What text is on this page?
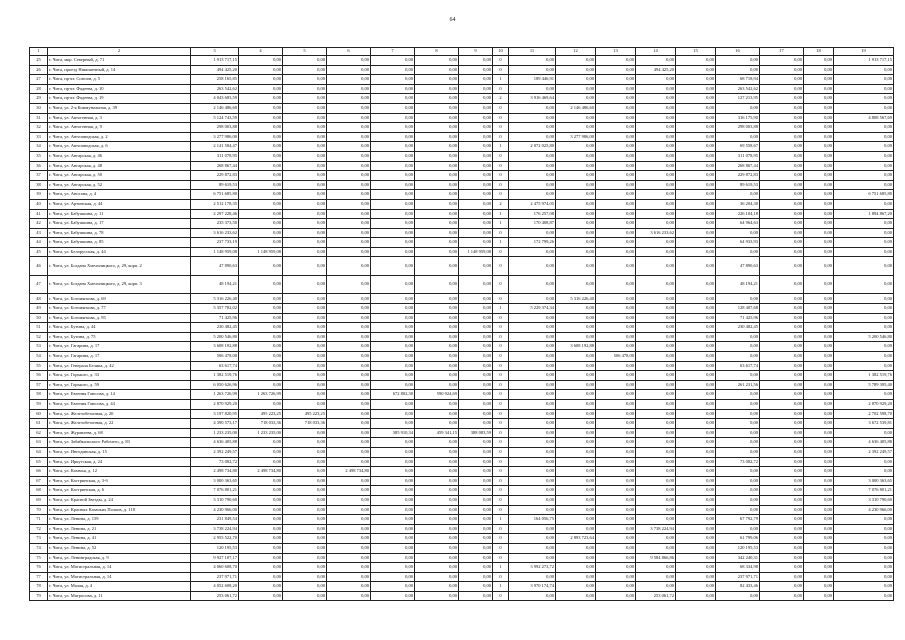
64
1	2	3	4	5	6	7	8	9	10	11	12	13	14	15	16	17	18	19
25	г. Чита, мкр. Северный, д. 71	1 913 717,15	0,00	0,00	0,00	0,00	0,00	0,00	0	0,00	0,00	0,00	0,00	0,00	0,00	0,00	0,00	1 913 717,15
26	г. Чита, проезд Никишечный, д. 14	494 425,20	0,00	0,00	0,00	0,00	0,00	0,00	0	0,00	0,00	0,00	494 425,20	0,00	0,00	0,00	0,00	0,00
27	г. Чита, пр-кт. Союзов, д. 5	258 165,85	0,00	0,00	0,00	0,00	0,00	0,00	1	189 446,91	0,00	0,00	0,00	0,00	68 718,94	0,00	0,00	0,00
28	г. Чита, пр-кт. Фадеева, д. 10	263 542,62	0,00	0,00	0,00	0,00	0,00	0,00	0	0,00	0,00	0,00	0,00	0,00	263 542,62	0,00	0,00	0,00
29	г. Чита, пр-кт. Фадеева, д. 19	4 043 683,59	0,00	0,00	0,00	0,00	0,00	0,00	2	3 916 469,64	0,00	0,00	0,00	0,00	127 213,95	0,00	0,00	0,00
30	г. Чита, ул. 2-я Коммунальная, д. 39	2 146 486,60	0,00	0,00	0,00	0,00	0,00	0,00	0	0,00	2 146 486,60	0,00	0,00	0,00	0,00	0,00	0,00	0,00
31	г. Чита, ул. Автогенная, д. 3	5 124 743,59	0,00	0,00	0,00	0,00	0,00	0,00	0	0,00	0,00	0,00	0,00	0,00	316 175,90	0,00	0,00	4 808 567,69
32	г. Чита, ул. Автогенная, д. 9	298 003,88	0,00	0,00	0,00	0,00	0,00	0,00	0	0,00	0,00	0,00	0,00	0,00	298 003,88	0,00	0,00	0,00
33	г. Чита, ул. Автозаводская, д. 2	3 277 986,00	0,00	0,00	0,00	0,00	0,00	0,00	0	0,00	3 277 986,00	0,00	0,00	0,00	0,00	0,00	0,00	0,00
34	г. Чита, ул. Автозаводская, д. 6	2 141 584,47	0,00	0,00	0,00	0,00	0,00	0,00	1	2 072 025,80	0,00	0,00	0,00	0,00	69 558,67	0,00	0,00	0,00
35	г. Чита, ул. Ангарская, д. 46	311 078,95	0,00	0,00	0,00	0,00	0,00	0,00	0	0,00	0,00	0,00	0,00	0,00	311 078,95	0,00	0,00	0,00
36	г. Чита, ул. Ангарская, д. 48	268 867,44	0,00	0,00	0,00	0,00	0,00	0,00	0	0,00	0,00	0,00	0,00	0,00	268 867,44	0,00	0,00	0,00
37	г. Чита, ул. Ангарская, д. 50	229 872,83	0,00	0,00	0,00	0,00	0,00	0,00	0	0,00	0,00	0,00	0,00	0,00	229 872,83	0,00	0,00	0,00
38	г. Чита, ул. Ангарская, д. 52	89 619,53	0,00	0,00	0,00	0,00	0,00	0,00	0	0,00	0,00	0,00	0,00	0,00	89 619,53	0,00	0,00	0,00
39	г. Чита, ул. Аносова, д. 4	6 751 685,80	0,00	0,00	0,00	0,00	0,00	0,00	0	0,00	0,00	0,00	0,00	0,00	0,00	0,00	0,00	6 751 685,80
40	г. Чита, ул. Артинская, д. 44	2 512 178,35	0,00	0,00	0,00	0,00	0,00	0,00	2	2 475 974,05	0,00	0,00	0,00	0,00	36 204,30	0,00	0,00	0,00
41	г. Чита, ул. Бабушкина, д. 11	2 297 228,46	0,00	0,00	0,00	0,00	0,00	0,00	1	176 257,08	0,00	0,00	0,00	0,00	226 104,18	0,00	0,00	1 894 867,20
42	г. Чита, ул. Бабушкина, д. 17	235 373,50	0,00	0,00	0,00	0,00	0,00	0,00	1	170 408,87	0,00	0,00	0,00	0,00	64 964,63	0,00	0,00	0,00
43	г. Чита, ул. Бабушкина, д. 78	3 616 233,62	0,00	0,00	0,00	0,00	0,00	0,00	0	0,00	0,00	0,00	3 616 233,62	0,00	0,00	0,00	0,00	0,00
44	г. Чита, ул. Бабушкина, д. 85	237 733,19	0,00	0,00	0,00	0,00	0,00	0,00	1	172 799,26	0,00	0,00	0,00	0,00	64 933,93	0,00	0,00	0,00
45	г. Чита, ул. Белорусская, д. 44	1 148 959,08	1 148 959,08	0,00	0,00	0,00	0,00	1 148 959,08	0	0,00	0,00	0,00	0,00	0,00	0,00	0,00	0,00	0,00
46	г. Чита, ул. Богдана Хмельницкого, д. 29, корп. 2	47 890,63	0,00	0,00	0,00	0,00	0,00	0,00	0	0,00	0,00	0,00	0,00	0,00	47 890,63	0,00	0,00	0,00
47	г. Чита, ул. Богдана Хмельницкого, д. 29, корп. 3	48 194,21	0,00	0,00	0,00	0,00	0,00	0,00	0	0,00	0,00	0,00	0,00	0,00	48 194,21	0,00	0,00	0,00
48	г. Чита, ул. Богомягкова, д. 69	5 316 226,40	0,00	0,00	0,00	0,00	0,00	0,00	0	0,00	5 316 226,40	0,00	0,00	0,00	0,00	0,00	0,00	0,00
49	г. Чита, ул. Богомягкова, д. 77	5 357 782,02	0,00	0,00	0,00	0,00	0,00	0,00	1	5 229 374,34	0,00	0,00	0,00	0,00	128 407,68	0,00	0,00	0,00
50	г. Чита, ул. Богомягкова, д. 95	71 425,96	0,00	0,00	0,00	0,00	0,00	0,00	0	0,00	0,00	0,00	0,00	0,00	71 425,96	0,00	0,00	0,00
51	г. Чита, ул. Бутина, д. 44	230 482,45	0,00	0,00	0,00	0,00	0,00	0,00	0	0,00	0,00	0,00	0,00	0,00	230 482,45	0,00	0,00	0,00
52	г. Чита, ул. Бутина, д. 75	5 200 546,80	0,00	0,00	0,00	0,00	0,00	0,00	0	0,00	0,00	0,00	0,00	0,00	0,00	0,00	0,00	5 200 546,80
53	г. Чита, ул. Гагарина, д. 17	3 608 192,88	0,00	0,00	0,00	0,00	0,00	0,00	0	0,00	3 608 192,88	0,00	0,00	0,00	0,00	0,00	0,00	0,00
54	г. Чита, ул. Гагарина, д. 17	506 478,00	0,00	0,00	0,00	0,00	0,00	0,00	0	0,00	0,00	506 478,00	0,00	0,00	0,00	0,00	0,00	0,00
55	г. Чита, ул. Генерала Белика, д. 42	63 617,74	0,00	0,00	0,00	0,00	0,00	0,00	0	0,00	0,00	0,00	0,00	0,00	63 617,74	0,00	0,00	0,00
56	г. Чита, ул. Горького, д. 33	1 382 519,76	0,00	0,00	0,00	0,00	0,00	0,00	0	0,00	0,00	0,00	0,00	0,00	0,00	0,00	0,00	1 382 519,76
57	г. Чита, ул. Горького, д. 59	6 050 626,96	0,00	0,00	0,00	0,00	0,00	0,00	0	0,00	0,00	0,00	0,00	0,00	261 231,56	0,00	0,00	5 789 395,40
58	г. Чита, ул. Евгения Гаюсова, д. 14	1 263 726,99	1 263 726,99	0,00	0,00	672 802,30	590 924,69	0,00	0	0,00	0,00	0,00	0,00	0,00	0,00	0,00	0,00	0,00
59	г. Чита, ул. Евгения Гаюсова, д. 44	2 870 929,20	0,00	0,00	0,00	0,00	0,00	0,00	0	0,00	0,00	0,00	0,00	0,00	0,00	0,00	0,00	2 870 929,20
60	г. Чита, ул. Железобетонная, д. 20	3 197 820,95	495 223,25	495 223,25	0,00	0,00	0,00	0,00	0	0,00	0,00	0,00	0,00	0,00	0,00	0,00	0,00	2 702 598,70
61	г. Чита, ул. Железобетонная, д. 22	4 390 573,17	718 033,36	718 033,36	0,00	0,00	0,00	0,00	0	0,00	0,00	0,00	0,00	0,00	0,00	0,00	0,00	3 672 539,81
62	г. Чита, ул. Журавлева, д. 68	1 233 235,00	1 233 235,00	0,00	0,00	385 910,34	459 341,15	388 083,59	0	0,00	0,00	0,00	0,00	0,00	0,00	0,00	0,00	0,00
63	г. Чита, ул. Забайкальского Рабочего, д. 83	4 636 405,88	0,00	0,00	0,00	0,00	0,00	0,00	0	0,00	0,00	0,00	0,00	0,00	0,00	0,00	0,00	4 636 405,88
64	г. Чита, ул. Ингодинская, д. 15	2 392 249,57	0,00	0,00	0,00	0,00	0,00	0,00	0	0,00	0,00	0,00	0,00	0,00	0,00	0,00	0,00	2 392 249,57
65	г. Чита, ул. Иркутская, д. 24	73 082,72	0,00	0,00	0,00	0,00	0,00	0,00	0	0,00	0,00	0,00	0,00	0,00	73 082,72	0,00	0,00	0,00
66	г. Чита, ул. Казачья, д. 12	2 498 734,80	2 498 734,80	0,00	2 498 734,80	0,00	0,00	0,00	0	0,00	0,00	0,00	0,00	0,00	0,00	0,00	0,00	0,00
67	г. Чита, ул. Кастринская, д. 3-б	3 000 363,65	0,00	0,00	0,00	0,00	0,00	0,00	0	0,00	0,00	0,00	0,00	0,00	0,00	0,00	0,00	3 000 363,65
68	г. Чита, ул. Кастринская, д. 6	7 076 801,21	0,00	0,00	0,00	0,00	0,00	0,00	0	0,00	0,00	0,00	0,00	0,00	0,00	0,00	0,00	7 076 801,21
69	г. Чита, ул. Красной Звезды, д. 24	3 310 790,60	0,00	0,00	0,00	0,00	0,00	0,00	0	0,00	0,00	0,00	0,00	0,00	0,00	0,00	0,00	3 310 790,60
70	г. Чита, ул. Красных Казачьих Полков, д. 118	4 230 966,00	0,00	0,00	0,00	0,00	0,00	0,00	0	0,00	0,00	0,00	0,00	0,00	0,00	0,00	0,00	4 230 966,00
71	г. Чита, ул. Ленина, д. 159	231 849,54	0,00	0,00	0,00	0,00	0,00	0,00	1	164 056,75	0,00	0,00	0,00	0,00	67 792,79	0,00	0,00	0,00
72	г. Чита, ул. Ленина, д. 21	3 738 224,94	0,00	0,00	0,00	0,00	0,00	0,00	0	0,00	0,00	0,00	3 738 224,94	0,00	0,00	0,00	0,00	0,00
73	г. Чита, ул. Ленина, д. 41	2 955 522,70	0,00	0,00	0,00	0,00	0,00	0,00	0	0,00	2 893 723,64	0,00	0,00	0,00	61 799,06	0,00	0,00	0,00
74	г. Чита, ул. Ленина, д. 52	120 195,53	0,00	0,00	0,00	0,00	0,00	0,00	0	0,00	0,00	0,00	0,00	0,00	120 195,53	0,00	0,00	0,00
75	г. Чита, ул. Ленинградская, д. 9	9 927 107,17	0,00	0,00	0,00	0,00	0,00	0,00	0	0,00	0,00	0,00	9 584 866,86	0,00	342 240,31	0,00	0,00	0,00
76	г. Чита, ул. Магистральная, д. 14	4 060 608,70	0,00	0,00	0,00	0,00	0,00	0,00	1	3 992 273,72	0,00	0,00	0,00	0,00	68 334,98	0,00	0,00	0,00
77	г. Чита, ул. Магистральная, д. 14	237 971,71	0,00	0,00	0,00	0,00	0,00	0,00	0	0,00	0,00	0,00	0,00	0,00	237 971,71	0,00	0,00	0,00
78	г. Чита, ул. Малая, д. 4	4 052 608,20	0,00	0,00	0,00	0,00	0,00	0,00	1	3 970 174,74	0,00	0,00	0,00	0,00	82 433,46	0,00	0,00	0,00
79	г. Чита, ул. Матросова, д. 11	253 061,72	0,00	0,00	0,00	0,00	0,00	0,00	0	0,00	0,00	0,00	253 061,72	0,00	0,00	0,00	0,00	0,00
